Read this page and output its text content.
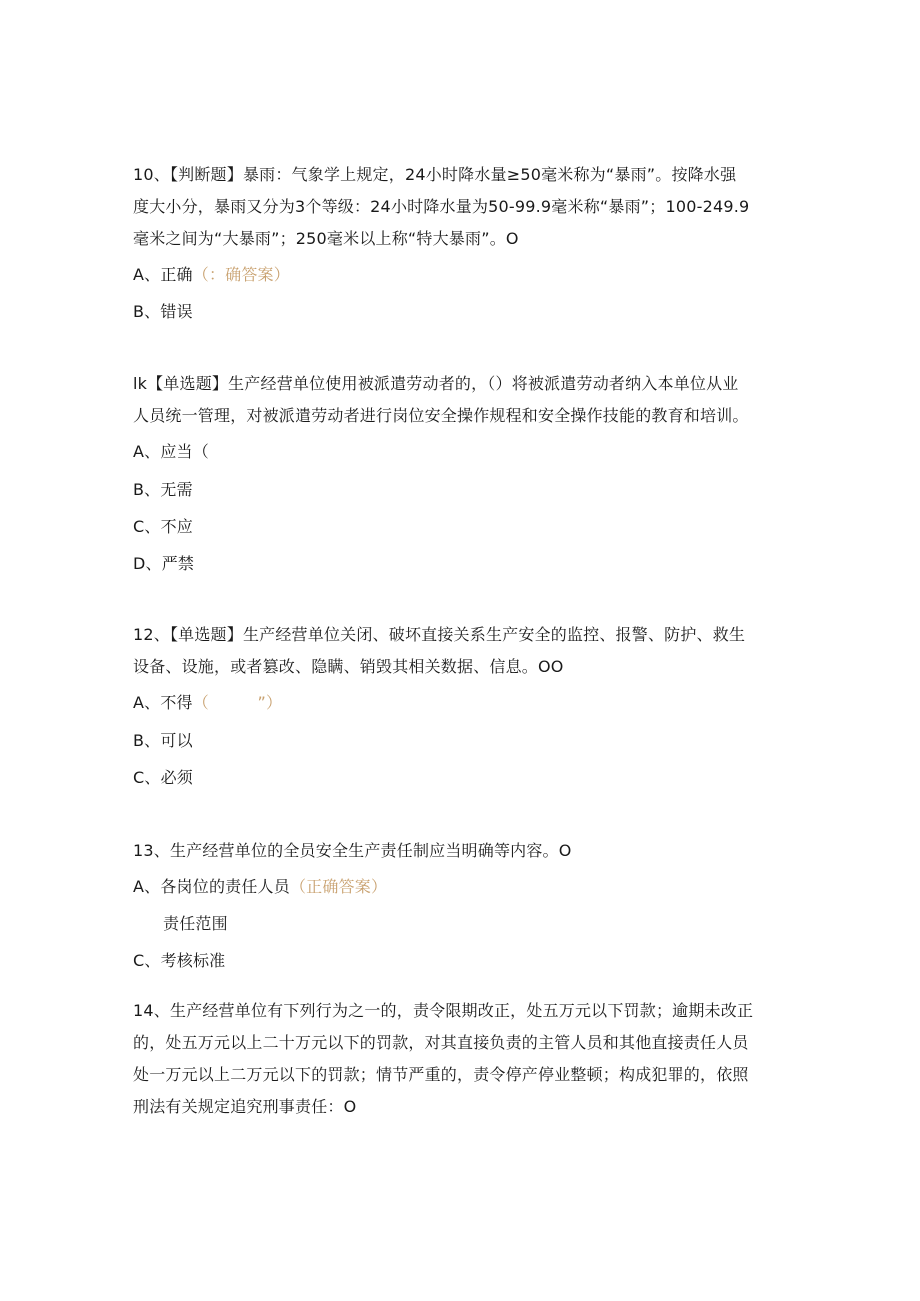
10、【判断题】暴雨：气象学上规定，24小时降水量≥50毫米称为“暴雨”。按降水强
度大小分，暴雨又分为3个等级：24小时降水量为50-99.9毫米称“暴雨”；100-249.9
毫米之间为“大暴雨”；250毫米以上称“特大暴雨”。O
A、正确（：确答案）
B、错误
lk【单选题】生产经营单位使用被派遣劳动者的，（）将被派遣劳动者纳入本单位从业
人员统一管理，对被派遣劳动者进行岗位安全操作规程和安全操作技能的教育和培训。
A、应当（
B、无需
C、不应
D、严禁
12、【单选题】生产经营单位关闭、破坏直接关系生产安全的监控、报警、防护、救生
设备、设施，或者篡改、隐瞒、销毁其相关数据、信息。OO
A、不得（　　　”）
B、可以
C、必须
13、生产经营单位的全员安全生产责任制应当明确等内容。O
A、各岗位的责任人员（正确答案）
责任范围
C、考核标准
14、生产经营单位有下列行为之一的，责令限期改正，处五万元以下罚款；逾期未改正
的，处五万元以上二十万元以下的罚款，对其直接负责的主管人员和其他直接责任人员
处一万元以上二万元以下的罚款；情节严重的，责令停产停业整顿；构成犯罪的，依照
刑法有关规定追究刑事责任：O
